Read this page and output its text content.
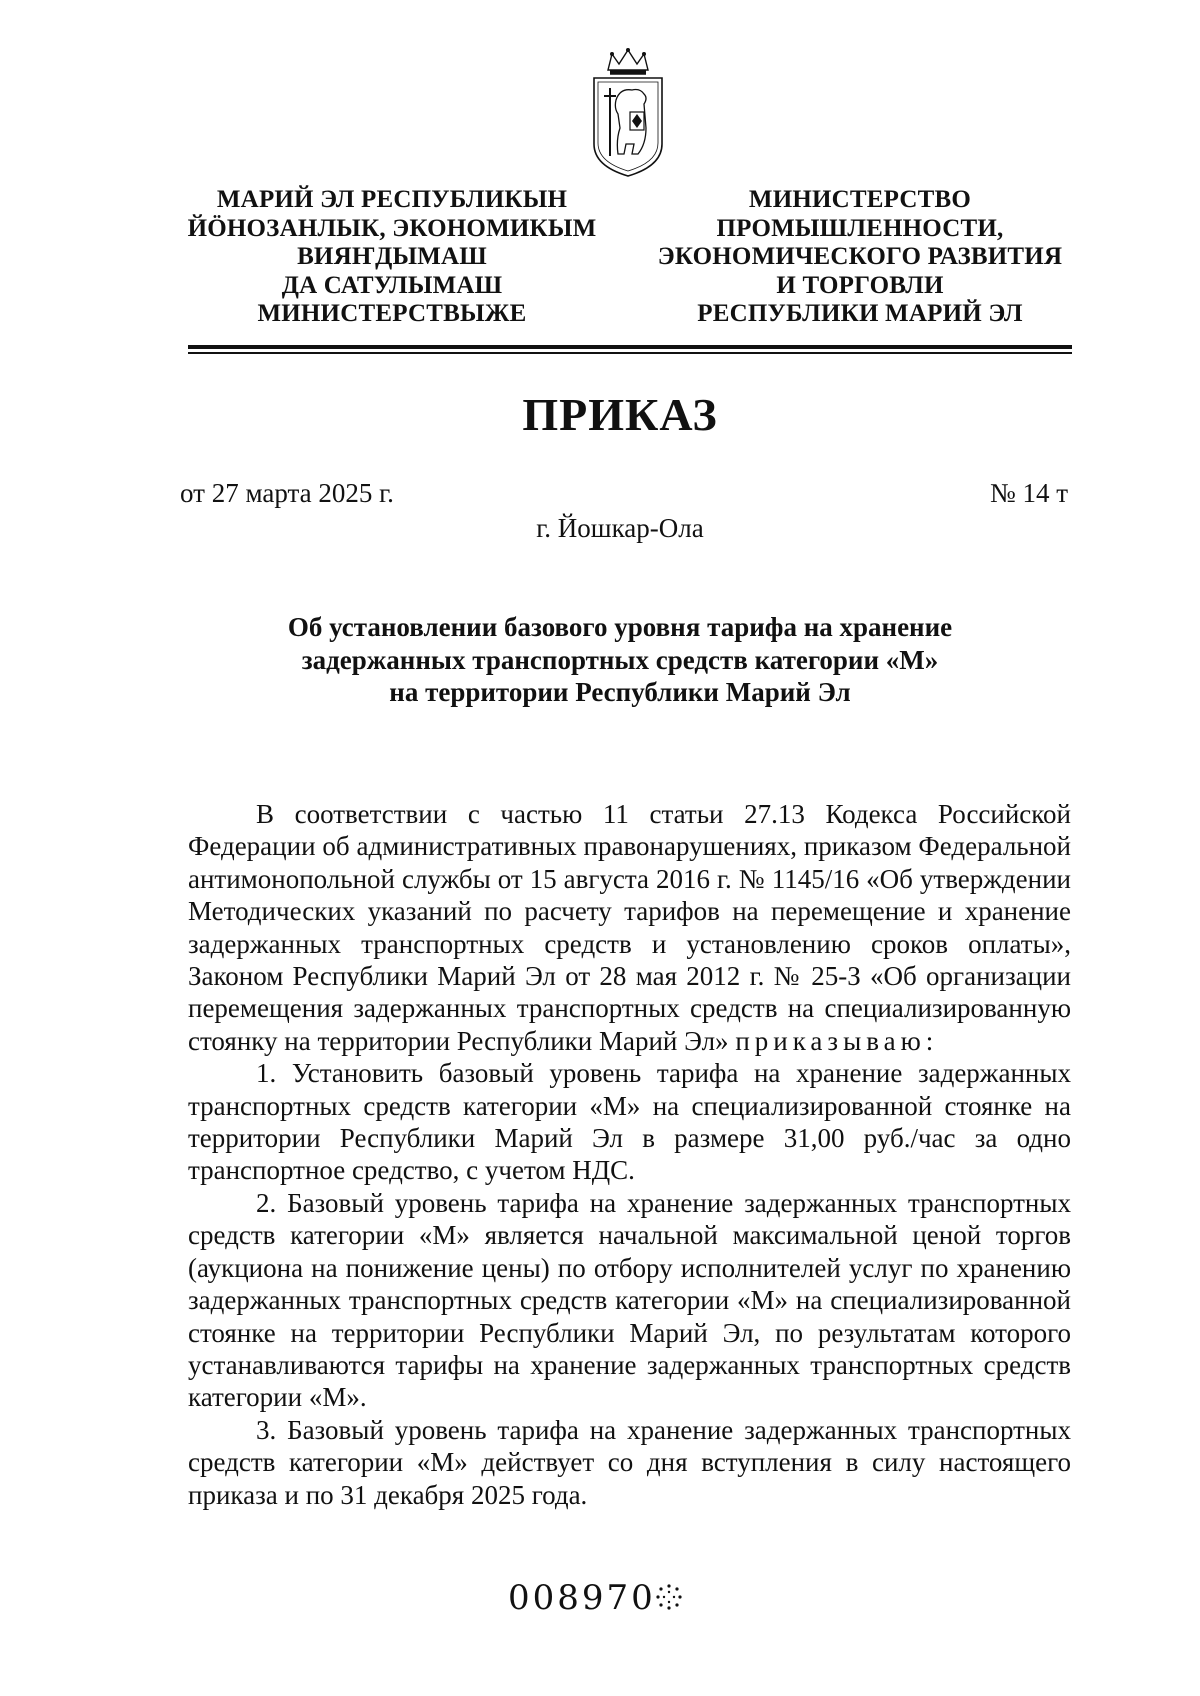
МАРИЙ ЭЛ РЕСПУБЛИКЫН
ЙӦНОЗАНЛЫК, ЭКОНОМИКЫМ
ВИЯҤДЫМАШ
ДА САТУЛЫМАШ
МИНИСТЕРСТВЫЖЕ
МИНИСТЕРСТВО
ПРОМЫШЛЕННОСТИ,
ЭКОНОМИЧЕСКОГО РАЗВИТИЯ
И ТОРГОВЛИ
РЕСПУБЛИКИ МАРИЙ ЭЛ
ПРИКАЗ
от 27 марта 2025 г.	№ 14 т
г. Йошкар-Ола
Об установлении базового уровня тарифа на хранение
задержанных транспортных средств категории «М»
на территории Республики Марий Эл

В соответствии с частью 11 статьи 27.13 Кодекса Российской Федерации об административных правонарушениях, приказом Федеральной антимонопольной службы от 15 августа 2016 г. № 1145/16 «Об утверждении Методических указаний по расчету тарифов на перемещение и хранение задержанных транспортных средств и установлению сроков оплаты», Законом Республики Марий Эл от 28 мая 2012 г. № 25-З «Об организации перемещения задержанных транспортных средств на специализированную стоянку на территории Республики Марий Эл» приказываю:

1. Установить базовый уровень тарифа на хранение задержанных транспортных средств категории «М» на специализированной стоянке на территории Республики Марий Эл в размере 31,00 руб./час за одно транспортное средство, с учетом НДС.

2. Базовый уровень тарифа на хранение задержанных транспортных средств категории «М» является начальной максимальной ценой торгов (аукциона на понижение цены) по отбору исполнителей услуг по хранению задержанных транспортных средств категории «М» на специализированной стоянке на территории Республики Марий Эл, по результатам которого устанавливаются тарифы на хранение задержанных транспортных средств категории «М».

3. Базовый уровень тарифа на хранение задержанных транспортных средств категории «М» действует со дня вступления в силу настоящего приказа и по 31 декабря 2025 года.

008970
